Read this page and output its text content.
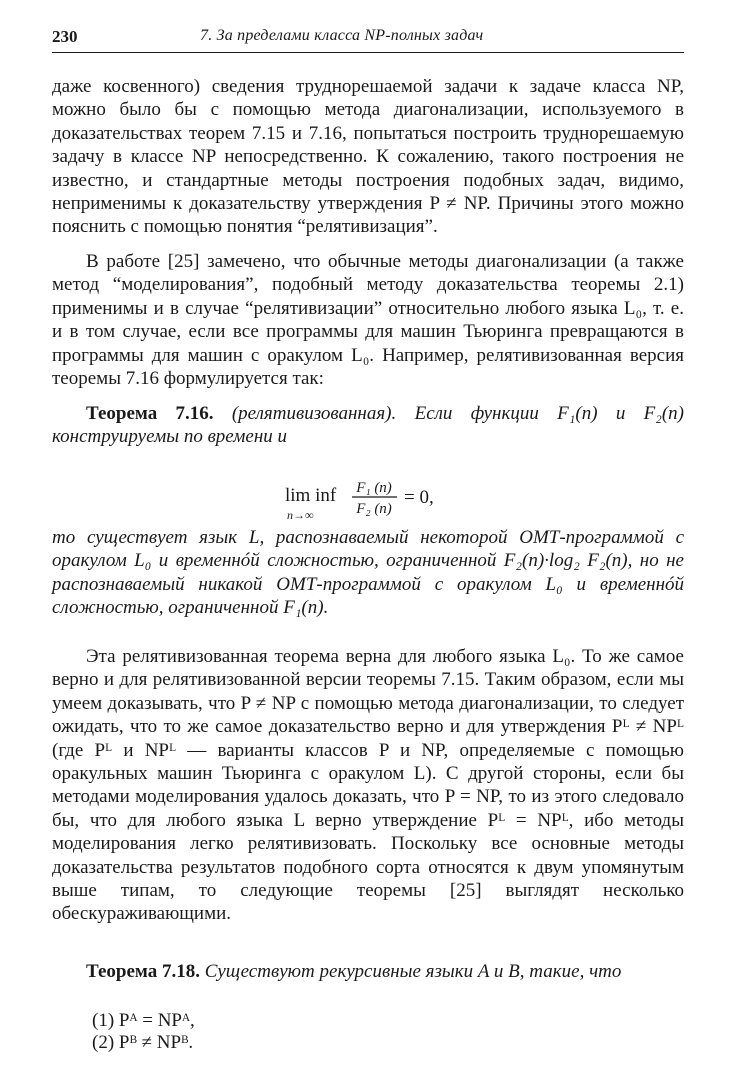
230	7. За пределами класса NP-полных задач

даже косвенного) сведения труднорешаемой задачи к задаче класса NP, можно было бы с помощью метода диагонализации, используемого в доказательствах теорем 7.15 и 7.16, попытаться построить труднорешаемую задачу в классе NP непосредственно. К сожалению, такого построения не известно, и стандартные методы построения подобных задач, видимо, неприменимы к доказательству утверждения P ≠ NP. Причины этого можно пояснить с помощью понятия “релятивизация”.

В работе [25] замечено, что обычные методы диагонализации (а также метод “моделирования”, подобный методу доказательства теоремы 2.1) применимы и в случае “релятивизации” относительно любого языка L₀, т. е. и в том случае, если все программы для машин Тьюринга превращаются в программы для машин с оракулом L₀. Например, релятивизованная версия теоремы 7.16 формулируется так:

Теорема 7.16. (релятивизованная). Если функции F₁(n) и F₂(n) конструируемы по времени и

lim inf
n→∞
F₁ (n)
F₂ (n)
= 0,

то существует язык L, распознаваемый некоторой ОМТ-программой с оракулом L₀ и временнóй сложностью, ограниченной F₂(n)·log₂ F₂(n), но не распознаваемый никакой ОМТ-программой с оракулом L₀ и временнóй сложностью, ограниченной F₁(n).

Эта релятивизованная теорема верна для любого языка L₀. То же самое верно и для релятивизованной версии теоремы 7.15. Таким образом, если мы умеем доказывать, что P ≠ NP с помощью метода диагонализации, то следует ожидать, что то же самое доказательство верно и для утверждения Pᴸ ≠ NPᴸ (где Pᴸ и NPᴸ — варианты классов P и NP, определяемые с помощью оракульных машин Тьюринга с оракулом L). С другой стороны, если бы методами моделирования удалось доказать, что P = NP, то из этого следовало бы, что для любого языка L верно утверждение Pᴸ = NPᴸ, ибо методы моделирования легко релятивизовать. Поскольку все основные методы доказательства результатов подобного сорта относятся к двум упомянутым выше типам, то следующие теоремы [25] выглядят несколько обескураживающими.

Теорема 7.18. Существуют рекурсивные языки A и B, такие, что

(1) Pᴬ = NPᴬ,
(2) Pᴮ ≠ NPᴮ.
